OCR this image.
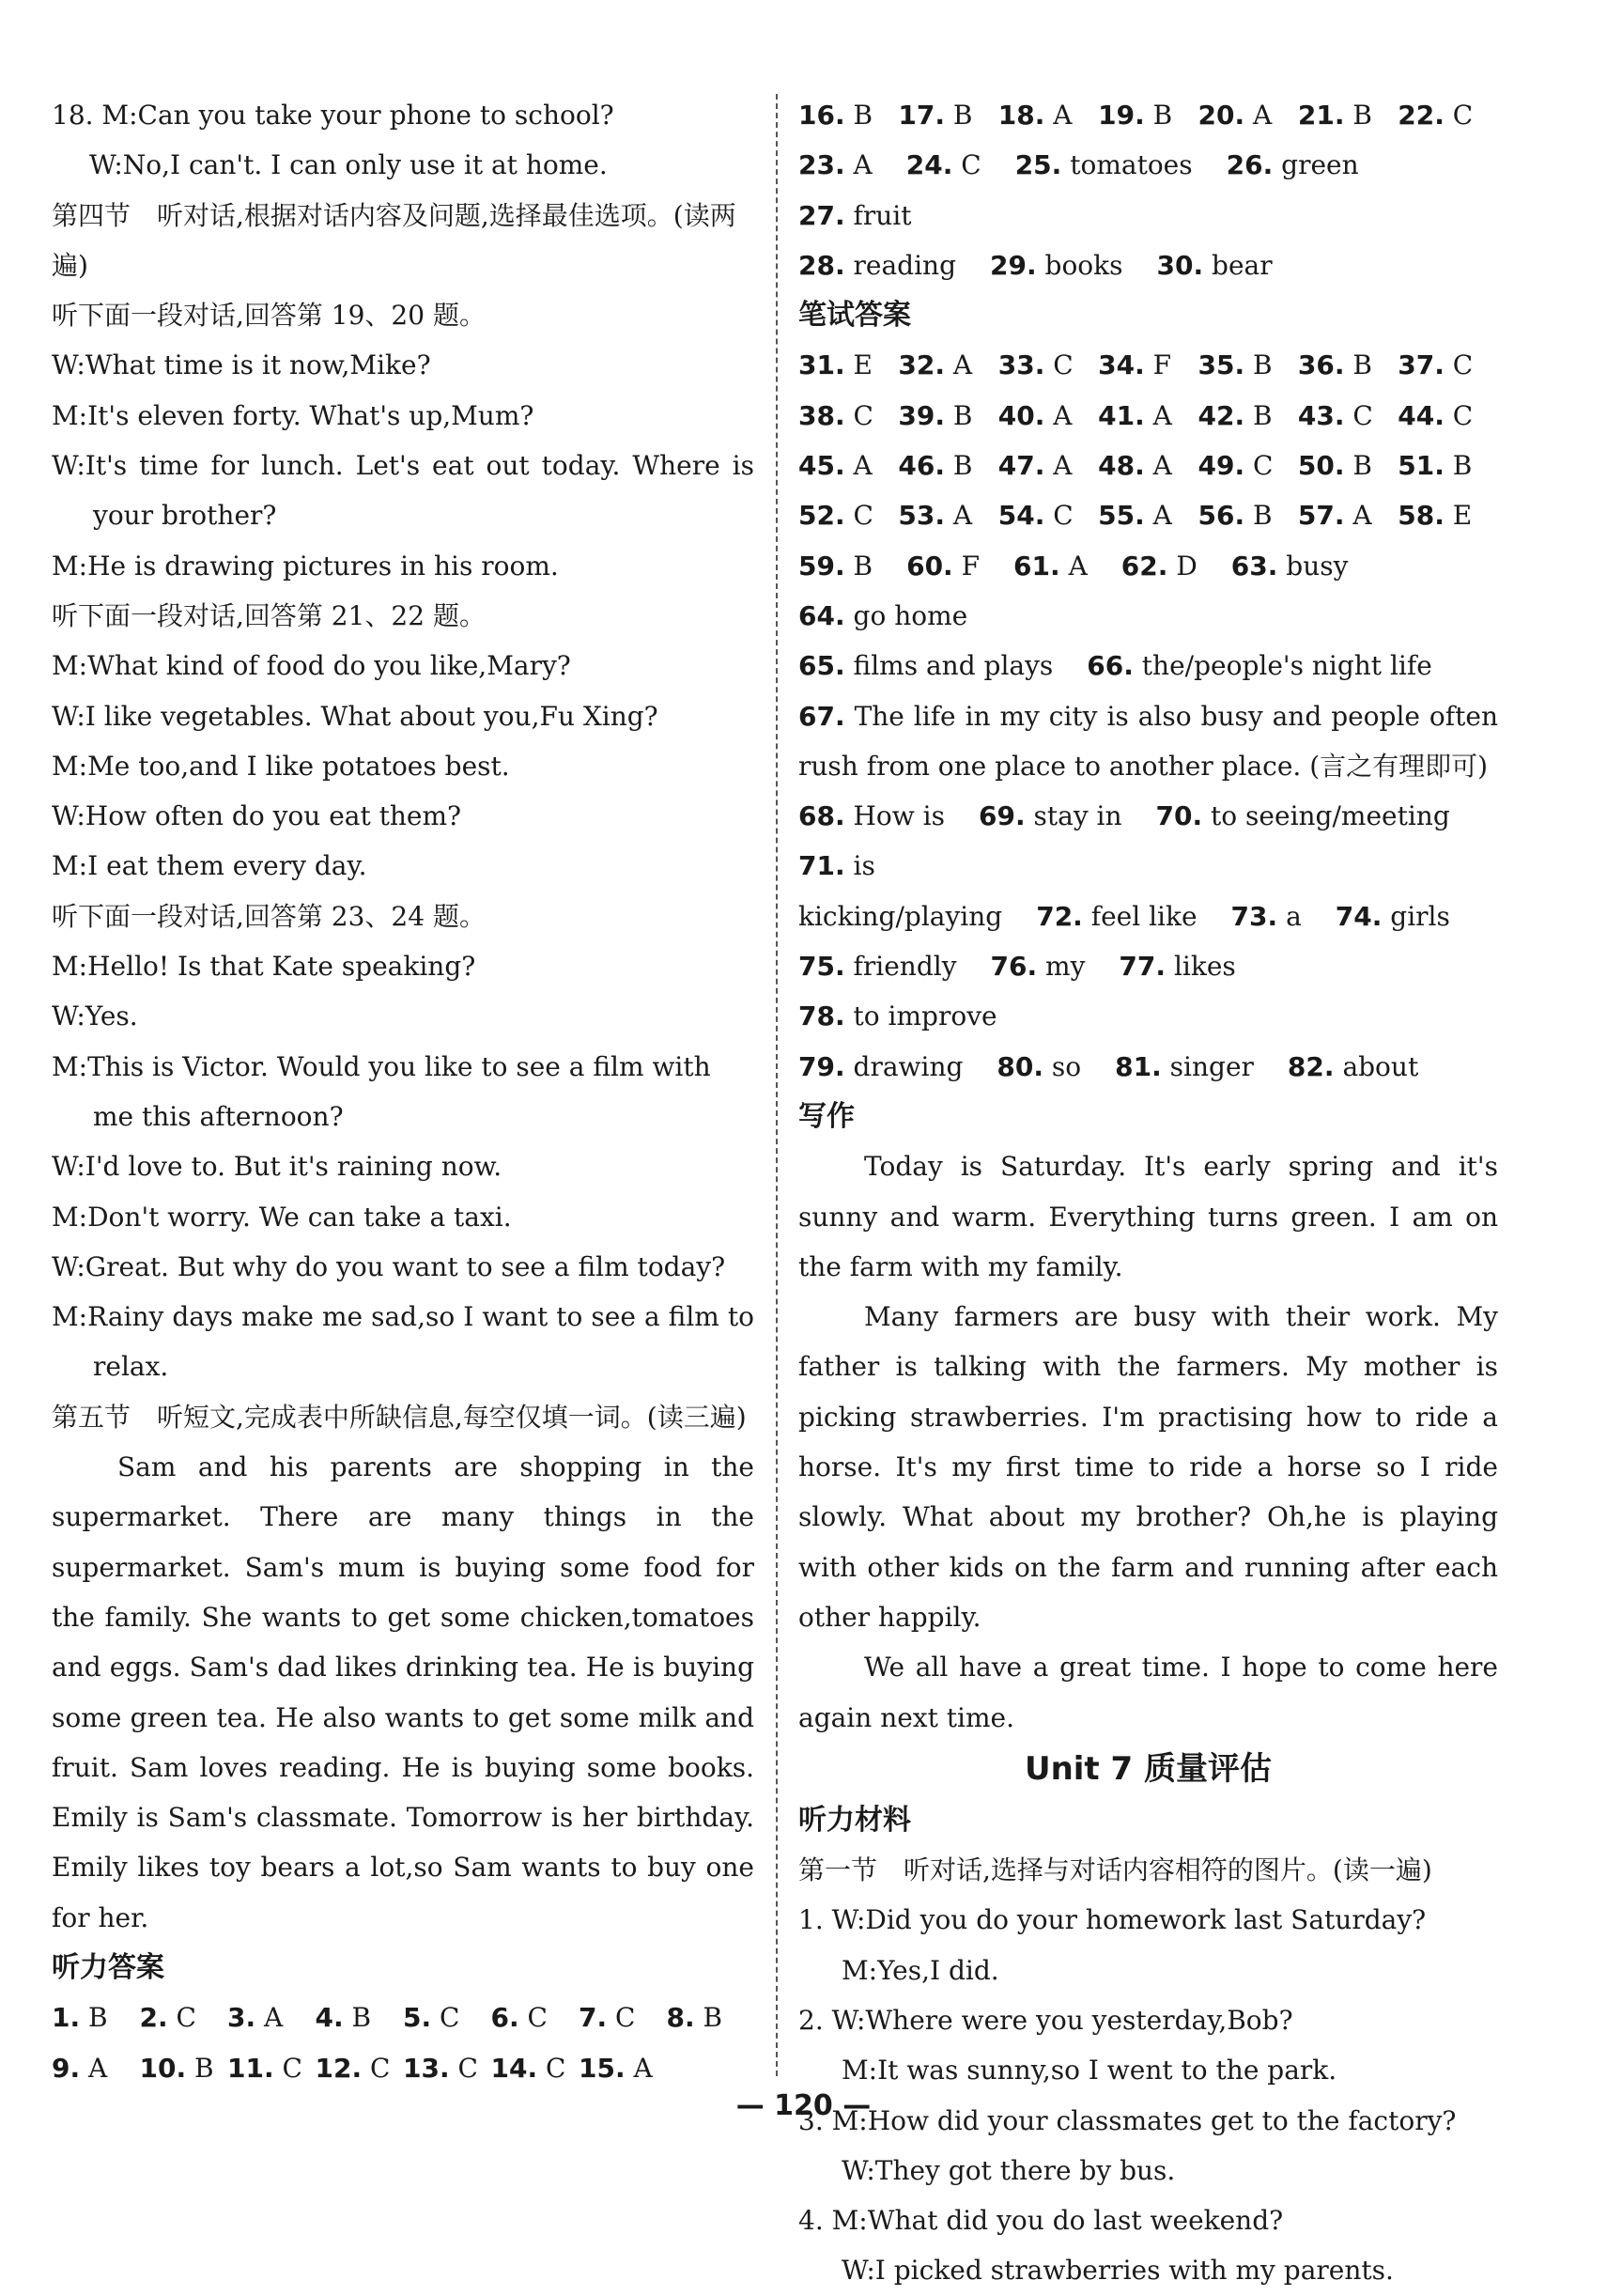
18. M:Can you take your phone to school?
W:No,I can't. I can only use it at home.
第四节　听对话,根据对话内容及问题,选择最佳选项。(读两遍)
听下面一段对话,回答第 19、20 题。
W:What time is it now,Mike?
M:It's eleven forty. What's up,Mum?
W:It's time for lunch. Let's eat out today. Where is your brother?
M:He is drawing pictures in his room.
听下面一段对话,回答第 21、22 题。
M:What kind of food do you like,Mary?
W:I like vegetables. What about you,Fu Xing?
M:Me too,and I like potatoes best.
W:How often do you eat them?
M:I eat them every day.
听下面一段对话,回答第 23、24 题。
M:Hello! Is that Kate speaking?
W:Yes.
M:This is Victor. Would you like to see a film with me this afternoon?
W:I'd love to. But it's raining now.
M:Don't worry. We can take a taxi.
W:Great. But why do you want to see a film today?
M:Rainy days make me sad,so I want to see a film to relax.
第五节　听短文,完成表中所缺信息,每空仅填一词。(读三遍)

Sam and his parents are shopping in the supermarket. There are many things in the supermarket. Sam's mum is buying some food for the family. She wants to get some chicken,tomatoes and eggs. Sam's dad likes drinking tea. He is buying some green tea. He also wants to get some milk and fruit. Sam loves reading. He is buying some books. Emily is Sam's classmate. Tomorrow is her birthday. Emily likes toy bears a lot,so Sam wants to buy one for her.

听力答案
1. B	2. C	3. A	4. B	5. C	6. C	7. C	8. B
9. A	10. B 11. C 12. C 13. C 14. C 15. A
16. B 17. B 18. A 19. B 20. A 21. B 22. C
23. A 24. C 25. tomatoes 26. green
27. fruit
28. reading 29. books 30. bear
笔试答案
31. E 32. A 33. C 34. F	35. B 36. B 37. C
38. C 39. B 40. A 41. A 42. B 43. C 44. C
45. A 46. B 47. A 48. A 49. C 50. B 51. B
52. C 53. A 54. C 55. A 56. B 57. A 58. E
59. B 60. F 61. A 62. D 63. busy
64. go home
65. films and plays 66. the/people's night life
67. The life in my city is also busy and people often rush from one place to another place. (言之有理即可)
68. How is 69. stay in 70. to seeing/meeting
71. is
kicking/playing 72. feel like 73. a 74. girls
75. friendly 76. my 77. likes
78. to improve
79. drawing 80. so 81. singer 82. about
写作

Today is Saturday. It's early spring and it's sunny and warm. Everything turns green. I am on the farm with my family.

Many farmers are busy with their work. My father is talking with the farmers. My mother is picking strawberries. I'm practising how to ride a horse. It's my first time to ride a horse so I ride slowly. What about my brother? Oh,he is playing with other kids on the farm and running after each other happily.

We all have a great time. I hope to come here again next time.

Unit 7 质量评估
听力材料
第一节　听对话,选择与对话内容相符的图片。(读一遍)
1. W:Did you do your homework last Saturday?
M:Yes,I did.
2. W:Where were you yesterday,Bob?
M:It was sunny,so I went to the park.
3. M:How did your classmates get to the factory?
W:They got there by bus.
4. M:What did you do last weekend?
W:I picked strawberries with my parents.
— 120 —
